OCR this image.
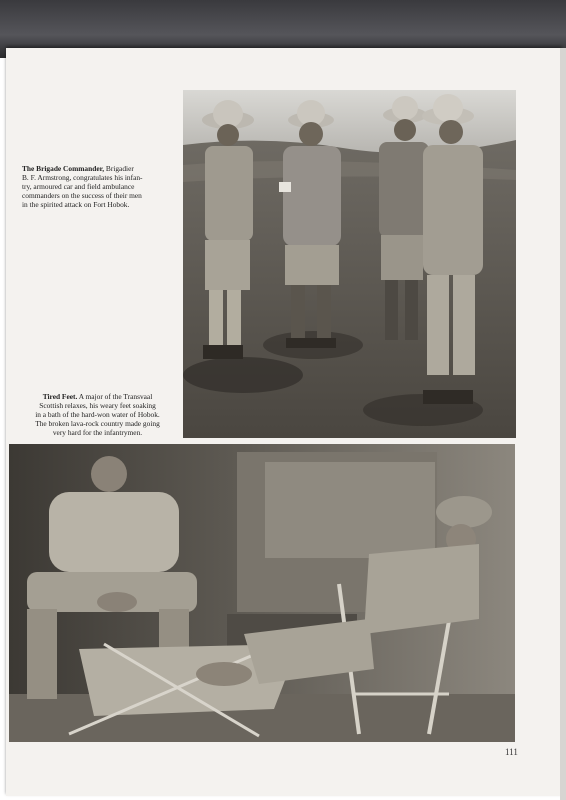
The Brigade Commander, Brigadier
B. F. Armstrong, congratulates his infan-
try, armoured car and field ambulance
commanders on the success of their men
in the spirited attack on Fort Hobok.
Tired Feet. A major of the Transvaal
Scottish relaxes, his weary feet soaking
in a bath of the hard-won water of Hobok.
The broken lava-rock country made going
very hard for the infantrymen.
111
